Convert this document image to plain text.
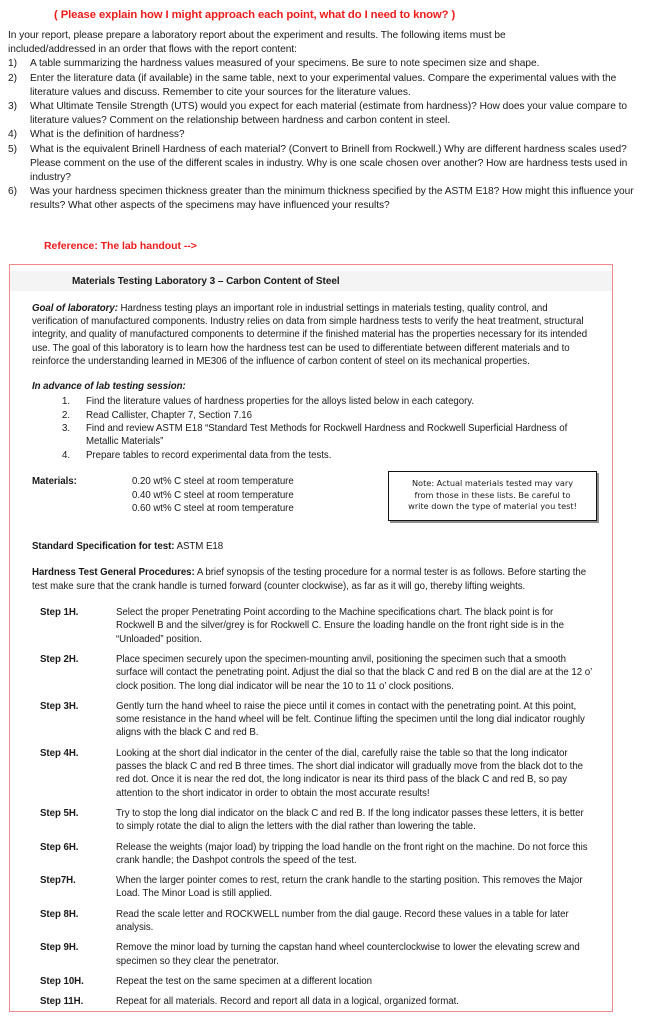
( Please explain how I might approach each point, what do I need to know? )

In your report, please prepare a laboratory report about the experiment and results. The following items must be

included/addressed in an order that flows with the report content:

1)	A table summarizing the hardness values measured of your specimens. Be sure to note specimen size and shape.
2)	Enter the literature data (if available) in the same table, next to your experimental values. Compare the experimental values with the literature values and discuss. Remember to cite your sources for the literature values.
3)	What Ultimate Tensile Strength (UTS) would you expect for each material (estimate from hardness)? How does your value compare to literature values? Comment on the relationship between hardness and carbon content in steel.
4)	What is the definition of hardness?
5)	What is the equivalent Brinell Hardness of each material? (Convert to Brinell from Rockwell.) Why are different hardness scales used? Please comment on the use of the different scales in industry. Why is one scale chosen over another? How are hardness tests used in industry?
6)	Was your hardness specimen thickness greater than the minimum thickness specified by the ASTM E18? How might this influence your results? What other aspects of the specimens may have influenced your results?
Reference: The lab handout -->
Materials Testing Laboratory 3 – Carbon Content of Steel
Goal of laboratory: Hardness testing plays an important role in industrial settings in materials testing, quality control, and verification of manufactured components. Industry relies on data from simple hardness tests to verify the heat treatment, structural integrity, and quality of manufactured components to determine if the finished material has the properties necessary for its intended use. The goal of this laboratory is to learn how the hardness test can be used to differentiate between different materials and to reinforce the understanding learned in ME306 of the influence of carbon content of steel on its mechanical properties.
In advance of lab testing session:
1.	Find the literature values of hardness properties for the alloys listed below in each category.
2.	Read Callister, Chapter 7, Section 7.16
3.	Find and review ASTM E18 “Standard Test Methods for Rockwell Hardness and Rockwell Superficial Hardness of Metallic Materials”
4.	Prepare tables to record experimental data from the tests.
Materials:	0.20 wt% C steel at room temperature
0.40 wt% C steel at room temperature
0.60 wt% C steel at room temperature
Note: Actual materials tested may vary
from those in these lists. Be careful to
write down the type of material you test!
Standard Specification for test: ASTM E18
Hardness Test General Procedures: A brief synopsis of the testing procedure for a normal tester is as follows. Before starting the test make sure that the crank handle is turned forward (counter clockwise), as far as it will go, thereby lifting weights.
Step 1H.	Select the proper Penetrating Point according to the Machine specifications chart. The black point is for Rockwell B and the silver/grey is for Rockwell C. Ensure the loading handle on the front right side is in the “Unloaded” position.
Step 2H.	Place specimen securely upon the specimen-mounting anvil, positioning the specimen such that a smooth surface will contact the penetrating point. Adjust the dial so that the black C and red B on the dial are at the 12 o’ clock position. The long dial indicator will be near the 10 to 11 o’ clock positions.
Step 3H.	Gently turn the hand wheel to raise the piece until it comes in contact with the penetrating point. At this point, some resistance in the hand wheel will be felt. Continue lifting the specimen until the long dial indicator roughly aligns with the black C and red B.
Step 4H.	Looking at the short dial indicator in the center of the dial, carefully raise the table so that the long indicator passes the black C and red B three times. The short dial indicator will gradually move from the black dot to the red dot. Once it is near the red dot, the long indicator is near its third pass of the black C and red B, so pay attention to the short indicator in order to obtain the most accurate results!
Step 5H.	Try to stop the long dial indicator on the black C and red B. If the long indicator passes these letters, it is better to simply rotate the dial to align the letters with the dial rather than lowering the table.
Step 6H.	Release the weights (major load) by tripping the load handle on the front right on the machine. Do not force this crank handle; the Dashpot controls the speed of the test.
Step7H.	When the larger pointer comes to rest, return the crank handle to the starting position. This removes the Major Load. The Minor Load is still applied.
Step 8H.	Read the scale letter and ROCKWELL number from the dial gauge. Record these values in a table for later analysis.
Step 9H.	Remove the minor load by turning the capstan hand wheel counterclockwise to lower the elevating screw and specimen so they clear the penetrator.
Step 10H.	Repeat the test on the same specimen at a different location
Step 11H.	Repeat for all materials. Record and report all data in a logical, organized format.
